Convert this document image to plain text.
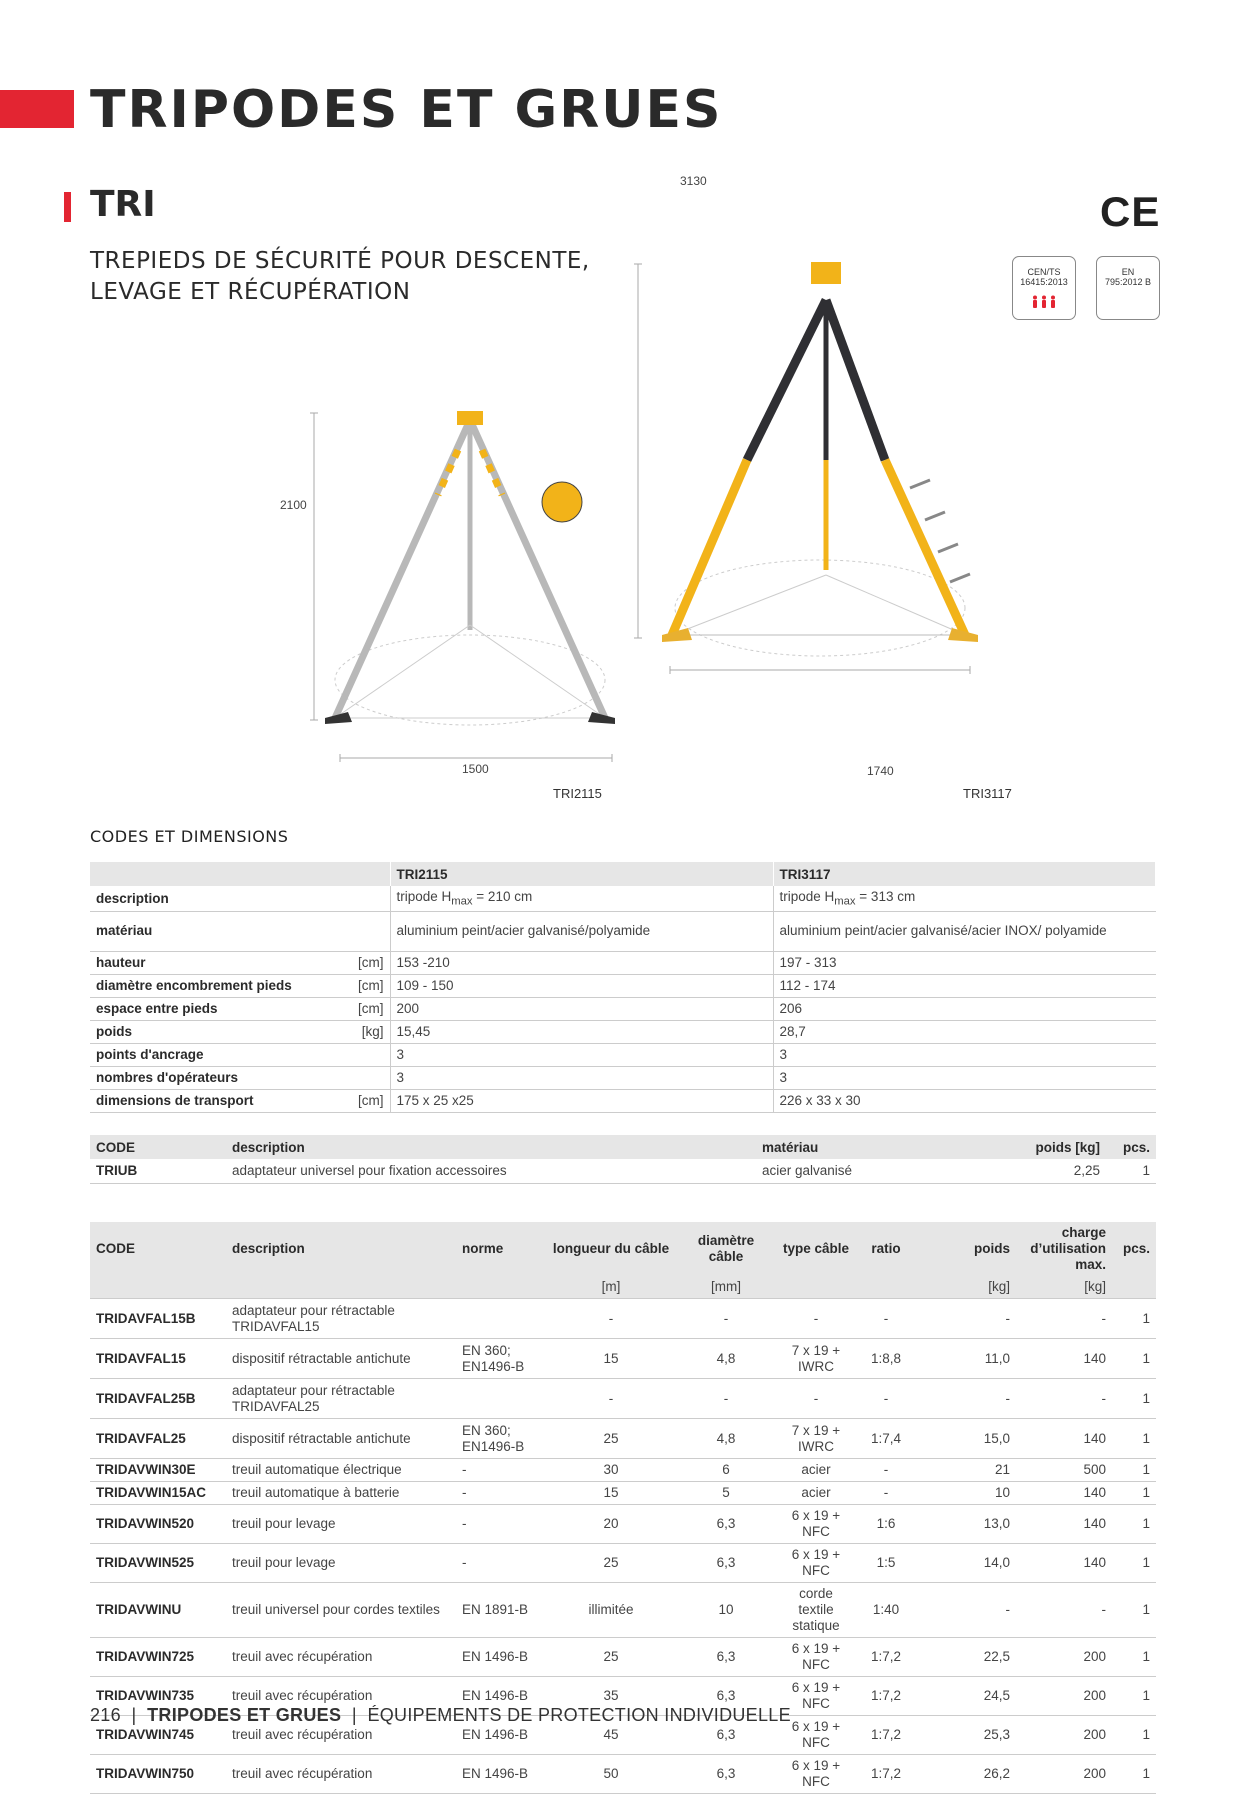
TRIPODES ET GRUES
TRI	CE
TREPIEDS DE SÉCURITÉ POUR DESCENTE,
LEVAGE ET RÉCUPÉRATION
CEN/TS
16415:2013
EN
795:2012 B
2100
1500
TRI2115
3130
1740
TRI3117
CODES ET DIMENSIONS
		TRI2115	TRI3117
description		tripode $H_{max} = 210$ cm	tripode $H_{max} = 313$ cm
matériau		aluminium peint/acier galvanisé/polyamide	aluminium peint/acier galvanisé/acier INOX/ polyamide
hauteur	[cm]	153 -210	197 - 313
diamètre encombrement pieds	[cm]	109 - 150	112 - 174
espace entre pieds	[cm]	200	206
poids	[kg]	15,45	28,7
points d'ancrage		3	3
nombres d'opérateurs		3	3
dimensions de transport	[cm]	175 x 25 x25	226 x 33 x 30
CODE	description	matériau	poids [kg]	pcs.
TRIUB	adaptateur universel pour fixation accessoires	acier galvanisé	2,25	1
CODE	description	norme	longueur du câble	diamètre câble	type câble	ratio	poids	charge d’utilisation max.	pcs.
			[m]	[mm]			[kg]	[kg]	
TRIDAVFAL15B	adaptateur pour rétractable TRIDAVFAL15		-	-	-	-	-	-	1
TRIDAVFAL15	dispositif rétractable antichute	EN 360; EN1496-B	15	4,8	7 x 19 + IWRC	1:8,8	11,0	140	1
TRIDAVFAL25B	adaptateur pour rétractable TRIDAVFAL25		-	-	-	-	-	-	1
TRIDAVFAL25	dispositif rétractable antichute	EN 360; EN1496-B	25	4,8	7 x 19 + IWRC	1:7,4	15,0	140	1
TRIDAVWIN30E	treuil automatique électrique	-	30	6	acier	-	21	500	1
TRIDAVWIN15AC	treuil automatique à batterie	-	15	5	acier	-	10	140	1
TRIDAVWIN520	treuil pour levage	-	20	6,3	6 x 19 + NFC	1:6	13,0	140	1
TRIDAVWIN525	treuil pour levage	-	25	6,3	6 x 19 + NFC	1:5	14,0	140	1
TRIDAVWINU	treuil universel pour cordes textiles	EN 1891-B	illimitée	10	corde textile statique	1:40	-	-	1
TRIDAVWIN725	treuil avec récupération	EN 1496-B	25	6,3	6 x 19 + NFC	1:7,2	22,5	200	1
TRIDAVWIN735	treuil avec récupération	EN 1496-B	35	6,3	6 x 19 + NFC	1:7,2	24,5	200	1
TRIDAVWIN745	treuil avec récupération	EN 1496-B	45	6,3	6 x 19 + NFC	1:7,2	25,3	200	1
TRIDAVWIN750	treuil avec récupération	EN 1496-B	50	6,3	6 x 19 + NFC	1:7,2	26,2	200	1
216  |  TRIPODES ET GRUES  |  ÉQUIPEMENTS DE PROTECTION INDIVIDUELLE
